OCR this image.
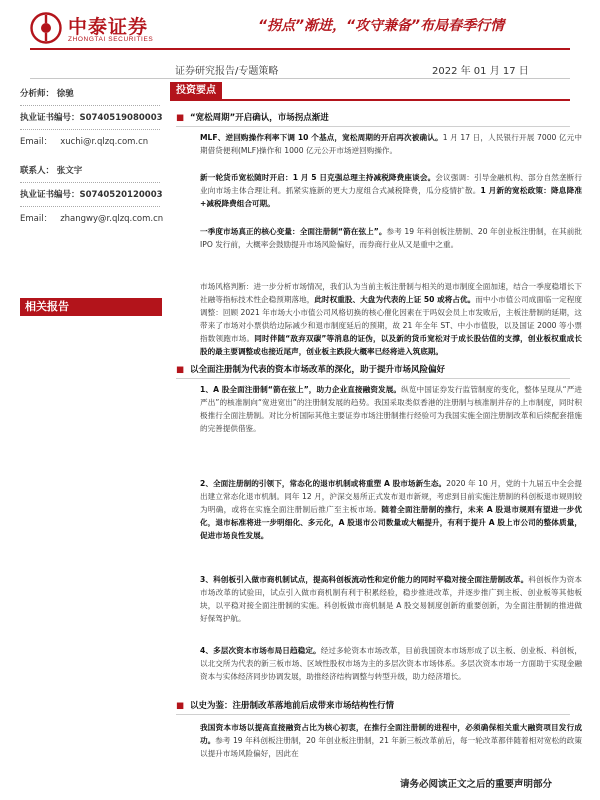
中泰证券
ZHONGTAI SECURITIES
“拐点”渐进，“攻守兼备”布局春季行情
证券研究报告/专题策略	2022 年 01 月 17 日
分析师： 徐驰
执业证书编号：S0740519080003
Email： xuchi@r.qlzq.com.cn
联系人： 张文宇
执业证书编号：S0740520120003
Email： zhangwy@r.qlzq.com.cn
相关报告
投资要点
■ “宽松周期”开启确认，市场拐点渐进
MLF、逆回购操作利率下调 10 个基点，宽松周期的开启再次被确认。1 月 17 日，人民银行开展 7000 亿元中期借贷便利(MLF)操作和 1000 亿元公开市场逆回购操作。
新一轮货币宽松随时开启：1 月 5 日克强总理主持减税降费座谈会。会议强调：引导金融机构、部分自然垄断行业向市场主体合理让利。抓紧实施新的更大力度组合式减税降费，瓜分疫情扩散。1 月新的宽松政策：降息降准+减税降费组合可期。
一季度市场真正的核心变量：全面注册制“箭在弦上”。参考 19 年科创板注册制、20 年创业板注册制，在其前批 IPO 发行前，大概率会鼓励提升市场风险偏好，而券商行业从又是重中之重。
市场风格判断：进一步分析市场情况，我们认为当前主板注册制与相关的退市制度全面加速，结合一季度稳增长下社融等指标技术性企稳预期落地，此时权重股、大盘为代表的上证 50 或将占优。而中小市值公司成面临一定程度调整：回顾 2021 年市场大小市值公司风格切换的核心催化因素在于吗奴会员上市发败后，主板注册制的延期，这带来了市场对小票供给边际减少和退市制度延后的预期，故 21 年全年 ST、中小市值股，以及国证 2000 等小票指数领跑市场。同时伴随“敌弃双碳”等消息的证伪，以及新的货币宽松对于成长股估值的支撑，创业板权重成长股的最主要调整或也接近尾声，创业板主跌段大概率已经将进入筑底期。
■ 以全面注册制为代表的资本市场改革的深化，助于提升市场风险偏好
1、A 股全面注册制“箭在弦上”，助力企业直接融资发展。纵览中国证券发行监管制度的变化，整体呈现从“严进严出”的核准制向“宽进宽出”的注册制发展的趋势。我国采取类似香港的注册制与核准制并存的上市制度，同时积极推行全面注册制。对比分析国际其他主要证券市场注册制推行经验可为我国实施全面注册制改革和后续配套措施的完善提供借鉴。
2、全面注册制的引领下，常态化的退市机制或将重塑 A 股市场新生态。2020 年 10 月，党的十九届五中全会提出建立常态化退市机制。同年 12 月，沪深交易所正式发布退市新规，考虑到目前实施注册制的科创板退市规则较为明确，或将在实施全面注册制后推广至主板市场。随着全面注册制的推行，未来 A 股退市规则有望进一步优化，退市标准将进一步明细化、多元化，A 股退市公司数量或大幅提升，有利于提升 A 股上市公司的整体质量，促进市场良性发展。
3、科创板引入做市商机制试点，提高科创板流动性和定价能力的同时平稳对接全面注册制改革。科创板作为资本市场改革的试验田，试点引入做市商机制有利于积累经验，稳步推进改革，并逐步推广到主板、创业板等其他板块，以平稳对接全面注册制的实施。科创板做市商机制是 A 股交易制度创新的重要创新，为全面注册制的推进做好保驾护航。
4、多层次资本市场布局日趋稳定。经过多轮资本市场改革，目前我国资本市场形成了以主板、创业板、科创板，以北交所为代表的新三板市场、区域性股权市场为主的多层次资本市场体系。多层次资本市场一方面助于实现金融资本与实体经济同步协调发展，助推经济结构调整与转型升级，助力经济增长。
■ 以史为鉴：注册制改革落地前后成带来市场结构性行情
我国资本市场以提高直接融资占比为核心初衷，在推行全面注册制的进程中，必须确保相关重大融资项目发行成功。参考 19 年科创板注册制，20 年创业板注册制，21 年新三板改革前后，每一轮改革都伴随着相对宽松的政策以提升市场风险偏好，因此在
请务必阅读正文之后的重要声明部分
